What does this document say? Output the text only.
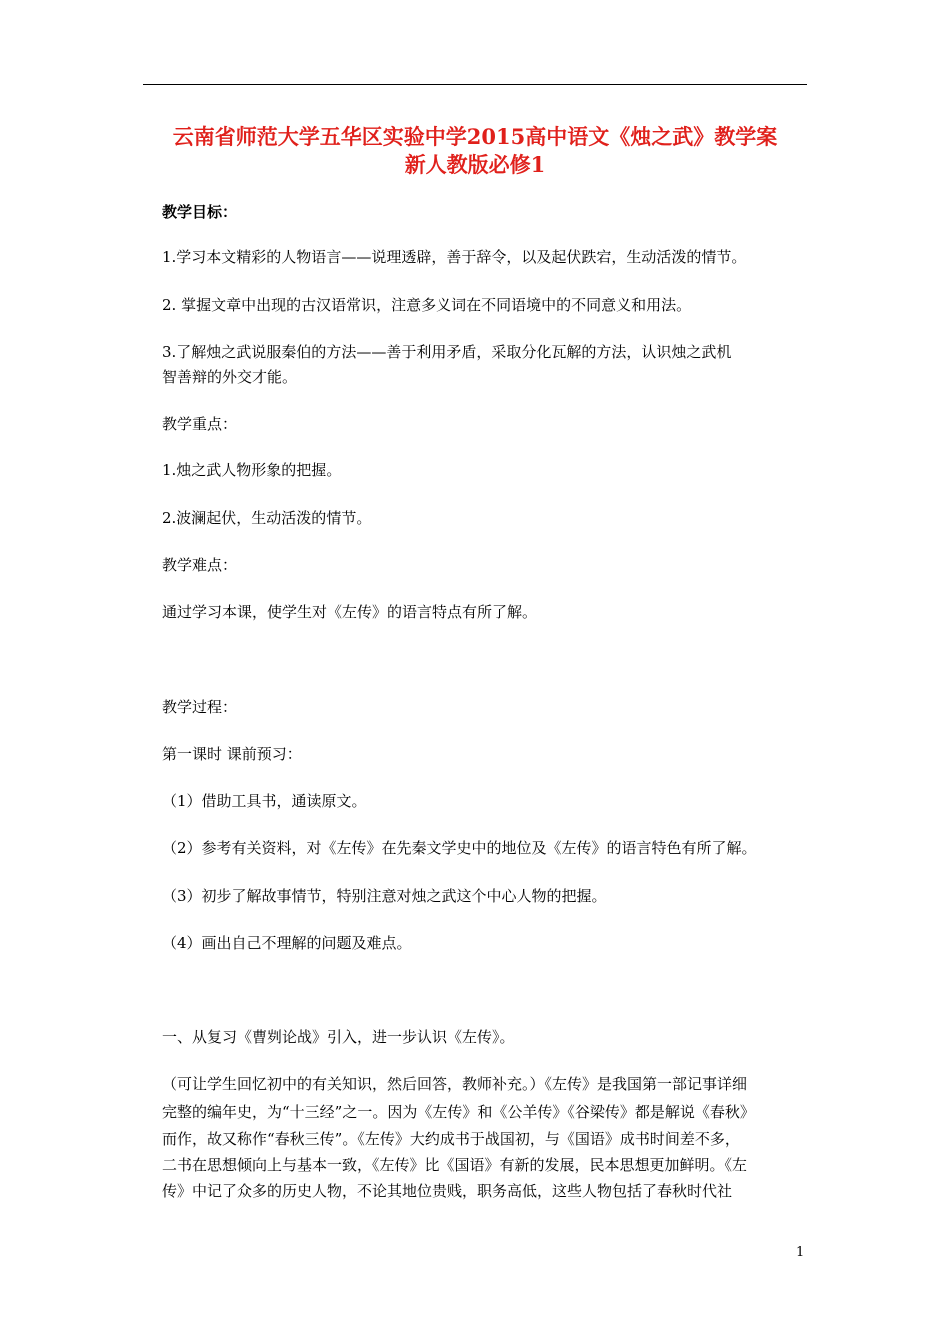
云南省师范大学五华区实验中学2015高中语文《烛之武》教学案
新人教版必修1
教学目标：
1.学习本文精彩的人物语言——说理透辟，善于辞令，以及起伏跌宕，生动活泼的情节。
2. 掌握文章中出现的古汉语常识，注意多义词在不同语境中的不同意义和用法。
3.了解烛之武说服秦伯的方法——善于利用矛盾，采取分化瓦解的方法，认识烛之武机
智善辩的外交才能。
教学重点：
1.烛之武人物形象的把握。
2.波澜起伏，生动活泼的情节。
教学难点：
通过学习本课，使学生对《左传》的语言特点有所了解。
教学过程：
第一课时 课前预习：
（1）借助工具书，通读原文。
（2）参考有关资料，对《左传》在先秦文学史中的地位及《左传》的语言特色有所了解。
（3）初步了解故事情节，特别注意对烛之武这个中心人物的把握。
（4）画出自己不理解的问题及难点。
一、从复习《曹刿论战》引入，进一步认识《左传》。
（可让学生回忆初中的有关知识，然后回答，教师补充。）《左传》是我国第一部记事详细
完整的编年史，为“十三经”之一。因为《左传》和《公羊传》《谷梁传》都是解说《春秋》
而作，故又称作“春秋三传”。《左传》大约成书于战国初，与《国语》成书时间差不多，
二书在思想倾向上与基本一致，《左传》比《国语》有新的发展，民本思想更加鲜明。《左
传》中记了众多的历史人物，不论其地位贵贱，职务高低，这些人物包括了春秋时代社
1
